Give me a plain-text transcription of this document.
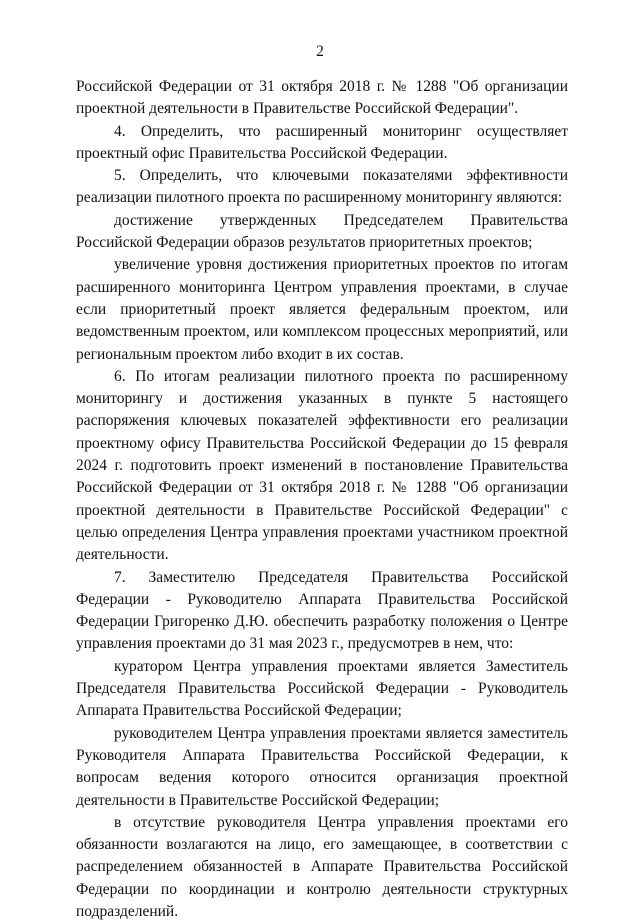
2

Российской Федерации от 31 октября 2018 г. № 1288 "Об организации проектной деятельности в Правительстве Российской Федерации".

4. Определить, что расширенный мониторинг осуществляет проектный офис Правительства Российской Федерации.

5. Определить, что ключевыми показателями эффективности реализации пилотного проекта по расширенному мониторингу являются:

достижение утвержденных Председателем Правительства Российской Федерации образов результатов приоритетных проектов;

увеличение уровня достижения приоритетных проектов по итогам расширенного мониторинга Центром управления проектами, в случае если приоритетный проект является федеральным проектом, или ведомственным проектом, или комплексом процессных мероприятий, или региональным проектом либо входит в их состав.

6. По итогам реализации пилотного проекта по расширенному мониторингу и достижения указанных в пункте 5 настоящего распоряжения ключевых показателей эффективности его реализации проектному офису Правительства Российской Федерации до 15 февраля 2024 г. подготовить проект изменений в постановление Правительства Российской Федерации от 31 октября 2018 г. № 1288 "Об организации проектной деятельности в Правительстве Российской Федерации" с целью определения Центра управления проектами участником проектной деятельности.

7. Заместителю Председателя Правительства Российской Федерации - Руководителю Аппарата Правительства Российской Федерации Григоренко Д.Ю. обеспечить разработку положения о Центре управления проектами до 31 мая 2023 г., предусмотрев в нем, что:

куратором Центра управления проектами является Заместитель Председателя Правительства Российской Федерации - Руководитель Аппарата Правительства Российской Федерации;

руководителем Центра управления проектами является заместитель Руководителя Аппарата Правительства Российской Федерации, к вопросам ведения которого относится организация проектной деятельности в Правительстве Российской Федерации;

в отсутствие руководителя Центра управления проектами его обязанности возлагаются на лицо, его замещающее, в соответствии с распределением обязанностей в Аппарате Правительства Российской Федерации по координации и контролю деятельности структурных подразделений.
